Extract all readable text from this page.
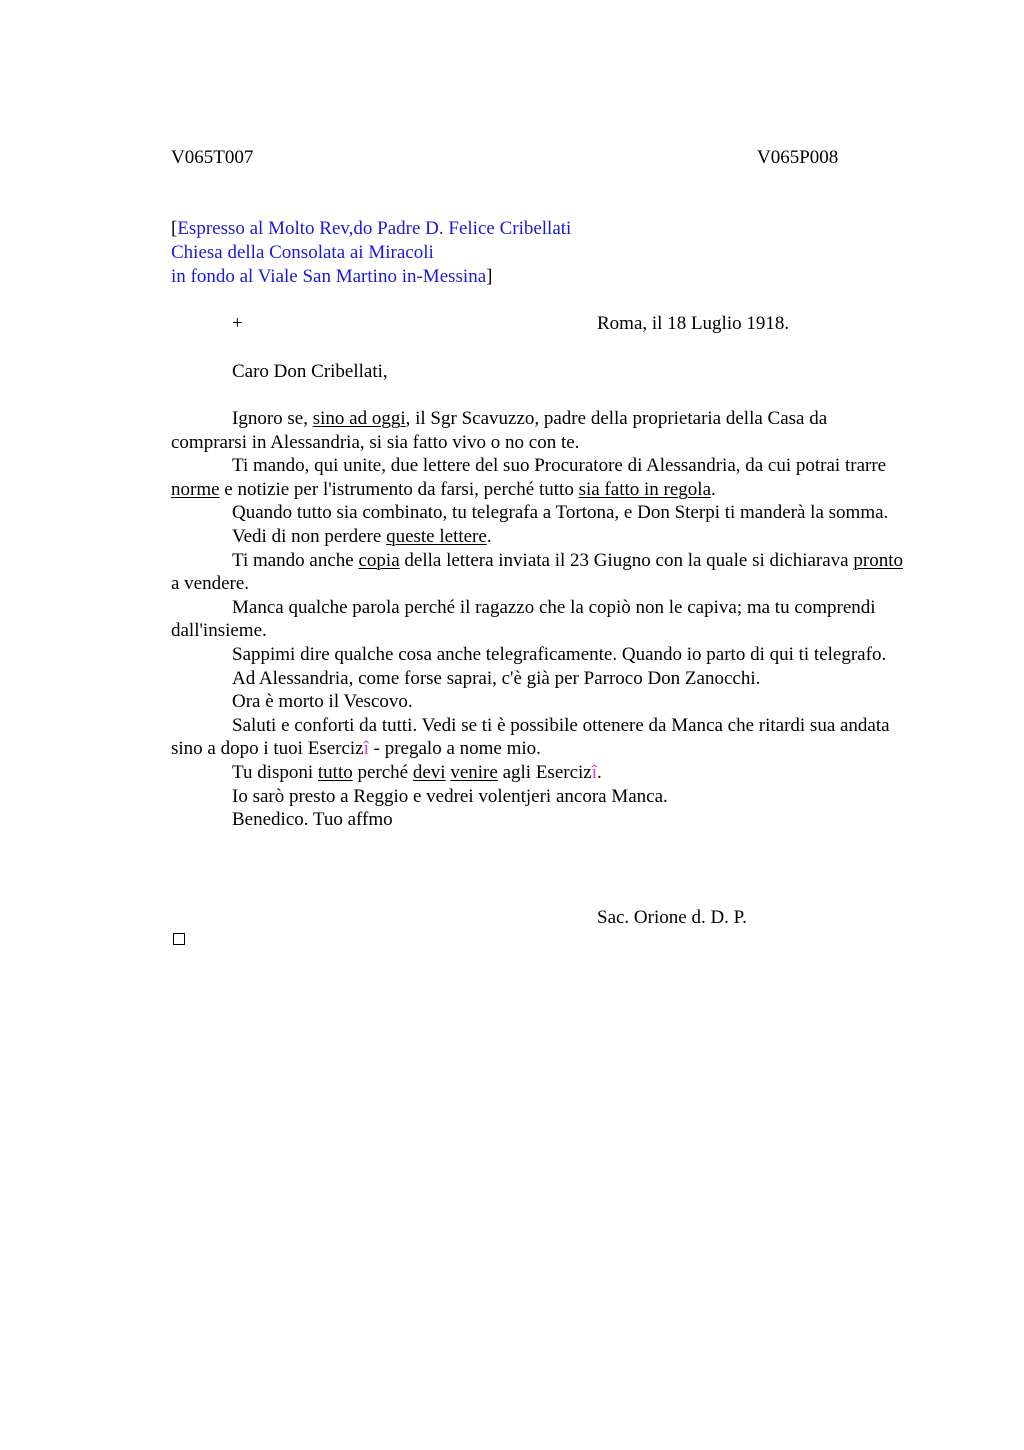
V065T007	V065P008
[Espresso al Molto Rev,do Padre D. Felice Cribellati
Chiesa della Consolata ai Miracoli
in fondo al Viale San Martino in-Messina]
+	Roma, il 18 Luglio 1918.
Caro Don Cribellati,

Ignoro se, sino ad oggi, il Sgr Scavuzzo, padre della proprietaria della Casa da comprarsi in Alessandria, si sia fatto vivo o no con te.

Ti mando, qui unite, due lettere del suo Procuratore di Alessandria, da cui potrai trarre norme e notizie per l'istrumento da farsi, perché tutto sia fatto in regola.

Quando tutto sia combinato, tu telegrafa a Tortona, e Don Sterpi ti manderà la somma.

Vedi di non perdere queste lettere.

Ti mando anche copia della lettera inviata il 23 Giugno con la quale si dichiarava pronto a vendere.

Manca qualche parola perché il ragazzo che la copiò non le capiva; ma tu comprendi dall'insieme.

Sappimi dire qualche cosa anche telegraficamente. Quando io parto di qui ti telegrafo.

Ad Alessandria, come forse saprai, c'è già per Parroco Don Zanocchi.

Ora è morto il Vescovo.

Saluti e conforti da tutti. Vedi se ti è possibile ottenere da Manca che ritardi sua andata sino a dopo i tuoi Esercizî - pregalo a nome mio.

Tu disponi tutto perché devi venire agli Esercizî.

Io sarò presto a Reggio e vedrei volentjeri ancora Manca.

Benedico. Tuo affmo

Sac. Orione d. D. P.
